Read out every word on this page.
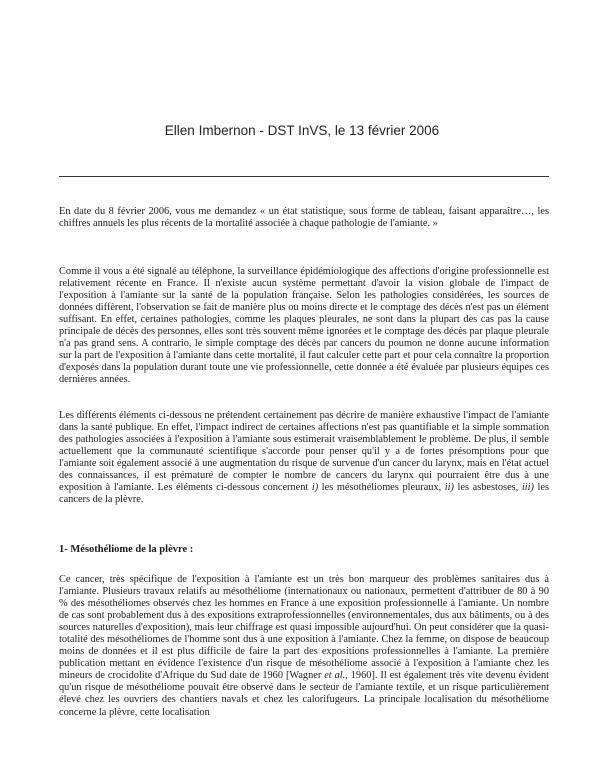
Ellen Imbernon - DST InVS, le 13 février 2006

En date du 8 février 2006, vous me demandez « un état statistique, sous forme de tableau, faisant apparaître…, les chiffres annuels les plus récents de la mortalité associée à chaque pathologie de l'amiante. »

Comme il vous a été signalé au téléphone, la surveillance épidémiologique des affections d'origine professionnelle est relativement récente en France. Il n'existe aucun système permettant d'avoir la vision globale de l'impact de l'exposition à l'amiante sur la santé de la population française. Selon les pathologies considérées, les sources de données diffèrent, l'observation se fait de manière plus ou moins directe et le comptage des décès n'est pas un élément suffisant. En effet, certaines pathologies, comme les plaques pleurales, ne sont dans la plupart des cas pas la cause principale de décès des personnes, elles sont très souvent même ignorées et le comptage des décès par plaque pleurale n'a pas grand sens. A contrario, le simple comptage des décès par cancers du poumon ne donne aucune information sur la part de l'exposition à l'amiante dans cette mortalité, il faut calculer cette part et pour cela connaître la proportion d'exposés dans la population durant toute une vie professionnelle, cette donnée a été évaluée par plusieurs équipes ces dernières années.

Les différents éléments ci-dessous ne prétendent certainement pas décrire de manière exhaustive l'impact de l'amiante dans la santé publique. En effet, l'impact indirect de certaines affections n'est pas quantifiable et la simple sommation des pathologies associées à l'exposition à l'amiante sous estimerait vraisemblablement le problème. De plus, il semble actuellement que la communauté scientifique s'accorde pour penser qu'il y a de fortes présomptions pour que l'amiante soit également associé à une augmentation du risque de survenue d'un cancer du larynx, mais en l'état actuel des connaissances, il est prématuré de compter le nombre de cancers du larynx qui pourraient être dus à une exposition à l'amiante. Les éléments ci-dessous concernent i) les mésothéliomes pleuraux, ii) les asbestoses, iii) les cancers de la plèvre.

1- Mésothéliome de la plèvre :

Ce cancer, très spécifique de l'exposition à l'amiante est un très bon marqueur des problèmes sanitaires dus à l'amiante. Plusieurs travaux relatifs au mésothéliome (internationaux ou nationaux, permettent d'attribuer de 80 à 90 % des mésothéliomes observés chez les hommes en France à une exposition professionnelle à l'amiante. Un nombre de cas sont probablement dus à des expositions extraprofessionnelles (environnementales, dus aux bâtiments, ou à des sources naturelles d'exposition), mais leur chiffrage est quasi impossible aujourd'hui. On peut considérer que la quasi-totalité des mésothéliomes de l'homme sont dus à une exposition à l'amiante. Chez la femme, on dispose de beaucoup moins de données et il est plus difficile de faire la part des expositions professionnelles à l'amiante. La première publication mettant en évidence l'existence d'un risque de mésothéliome associé à l'exposition à l'amiante chez les mineurs de crocidolite d'Afrique du Sud date de 1960 [Wagner et al., 1960]. Il est également très vite devenu évident qu'un risque de mésothéliome pouvait être observé dans le secteur de l'amiante textile, et un risque particulièrement élevé chez les ouvriers des chantiers navals et chez les calorifugeurs. La principale localisation du mésothéliome concerne la plèvre, cette localisation
